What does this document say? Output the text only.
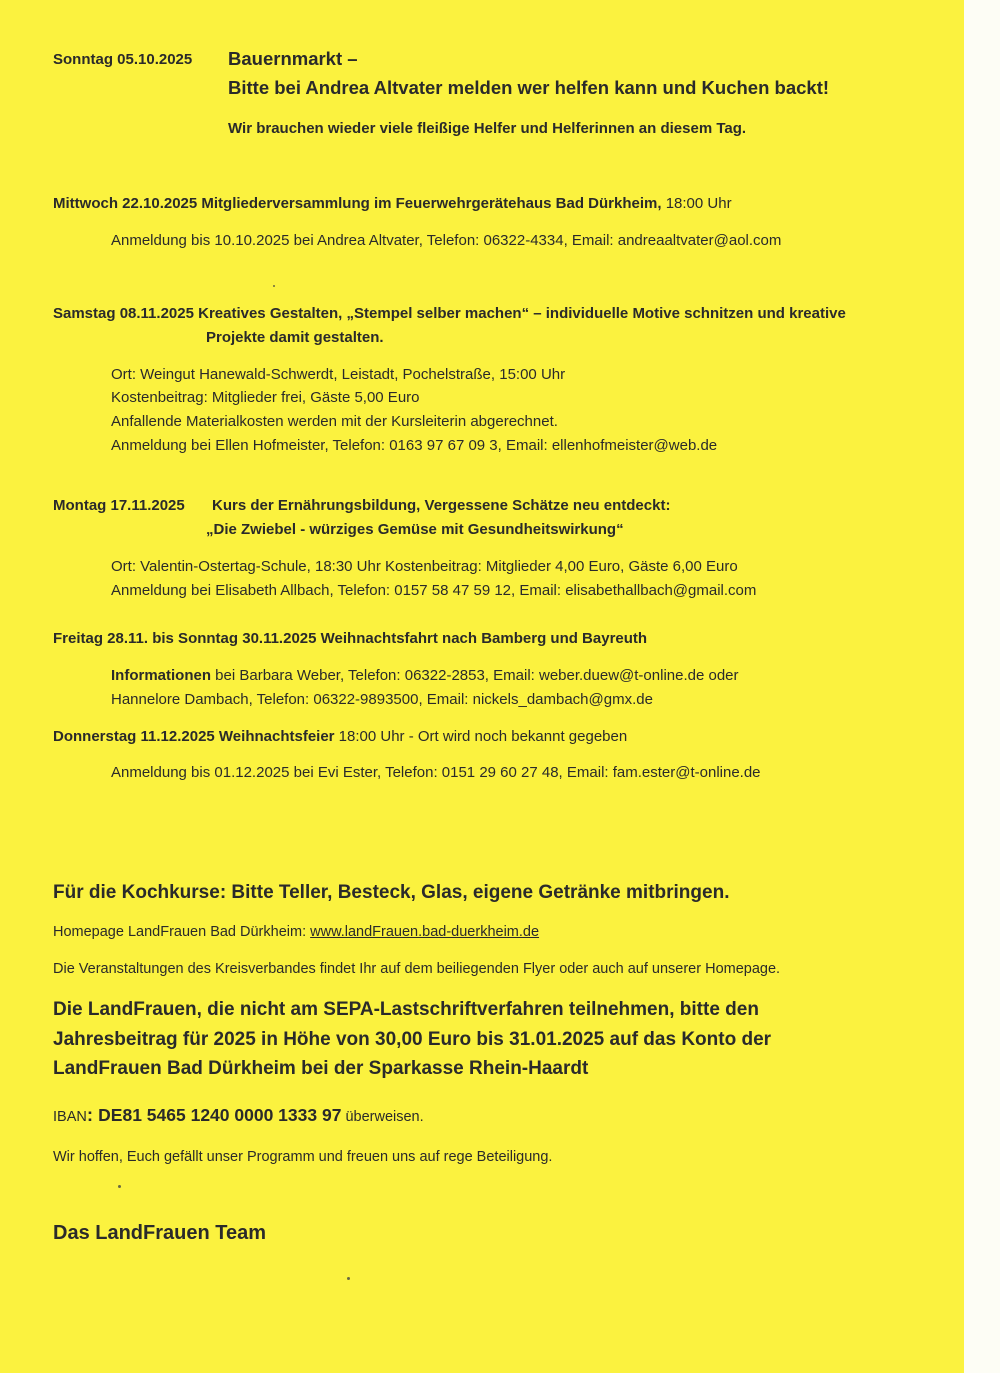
Sonntag 05.10.2025 Bauernmarkt –

Bitte bei Andrea Altvater melden wer helfen kann und Kuchen backt!

Wir brauchen wieder viele fleißige Helfer und Helferinnen an diesem Tag.

Mittwoch 22.10.2025 Mitgliederversammlung im Feuerwehrgerätehaus Bad Dürkheim, 18:00 Uhr

Anmeldung bis 10.10.2025 bei Andrea Altvater, Telefon: 06322-4334, Email: andreaaltvater@aol.com

Samstag 08.11.2025 Kreatives Gestalten, „Stempel selber machen“ – individuelle Motive schnitzen und kreative

Projekte damit gestalten.

Ort: Weingut Hanewald-Schwerdt, Leistadt, Pochelstraße, 15:00 Uhr

Kostenbeitrag: Mitglieder frei, Gäste 5,00 Euro

Anfallende Materialkosten werden mit der Kursleiterin abgerechnet.

Anmeldung bei Ellen Hofmeister, Telefon: 0163 97 67 09 3, Email: ellenhofmeister@web.de

Montag 17.11.2025 Kurs der Ernährungsbildung, Vergessene Schätze neu entdeckt:

„Die Zwiebel - würziges Gemüse mit Gesundheitswirkung“

Ort: Valentin-Ostertag-Schule, 18:30 Uhr Kostenbeitrag: Mitglieder 4,00 Euro, Gäste 6,00 Euro

Anmeldung bei Elisabeth Allbach, Telefon: 0157 58 47 59 12, Email: elisabethallbach@gmail.com

Freitag 28.11. bis Sonntag 30.11.2025 Weihnachtsfahrt nach Bamberg und Bayreuth

Informationen bei Barbara Weber, Telefon: 06322-2853, Email: weber.duew@t-online.de oder

Hannelore Dambach, Telefon: 06322-9893500, Email: nickels_dambach@gmx.de

Donnerstag 11.12.2025 Weihnachtsfeier 18:00 Uhr - Ort wird noch bekannt gegeben

Anmeldung bis 01.12.2025 bei Evi Ester, Telefon: 0151 29 60 27 48, Email: fam.ester@t-online.de

Für die Kochkurse: Bitte Teller, Besteck, Glas, eigene Getränke mitbringen.

Homepage LandFrauen Bad Dürkheim: www.landFrauen.bad-duerkheim.de

Die Veranstaltungen des Kreisverbandes findet Ihr auf dem beiliegenden Flyer oder auch auf unserer Homepage.

Die LandFrauen, die nicht am SEPA-Lastschriftverfahren teilnehmen, bitte den

Jahresbeitrag für 2025 in Höhe von 30,00 Euro bis 31.01.2025 auf das Konto der

LandFrauen Bad Dürkheim bei der Sparkasse Rhein-Haardt

IBAN: DE81 5465 1240 0000 1333 97 überweisen.

Wir hoffen, Euch gefällt unser Programm und freuen uns auf rege Beteiligung.

Das LandFrauen Team
